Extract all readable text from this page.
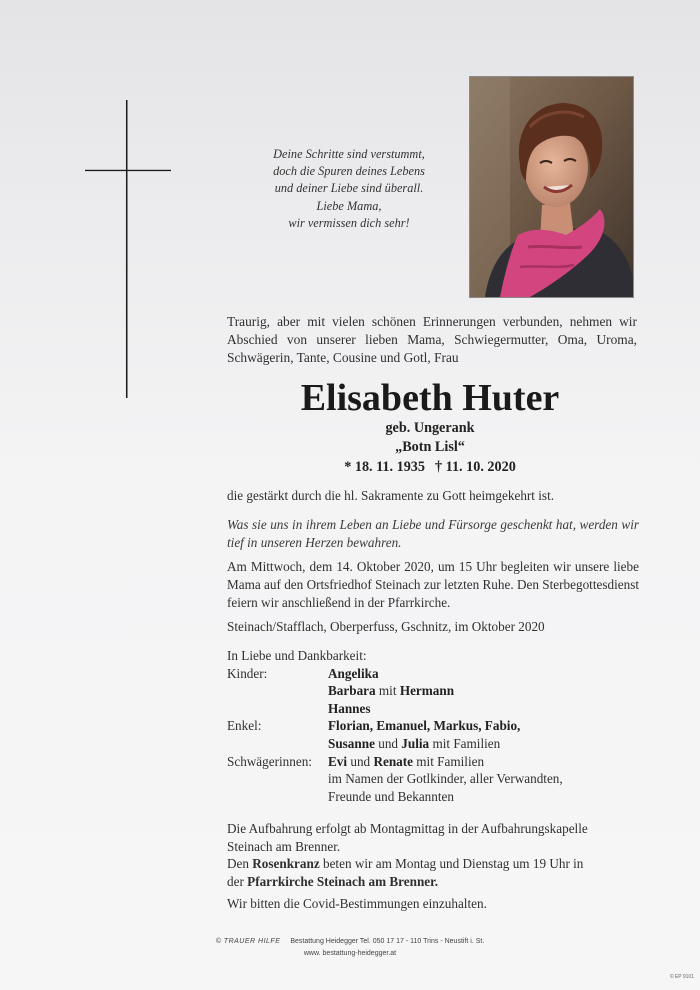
Deine Schritte sind verstummt,
doch die Spuren deines Lebens
und deiner Liebe sind überall.
Liebe Mama,
wir vermissen dich sehr!
Traurig, aber mit vielen schönen Erinnerungen verbunden, nehmen wir Abschied von unserer lieben Mama, Schwiegermutter, Oma, Uroma, Schwägerin, Tante, Cousine und Gotl, Frau
Elisabeth Huter
geb. Ungerank
„Botn Lisl“
* 18. 11. 1935 † 11. 10. 2020
die gestärkt durch die hl. Sakramente zu Gott heimgekehrt ist.
Was sie uns in ihrem Leben an Liebe und Fürsorge geschenkt hat, werden wir tief in unseren Herzen bewahren.
Am Mittwoch, dem 14. Oktober 2020, um 15 Uhr begleiten wir unsere liebe Mama auf den Ortsfriedhof Steinach zur letzten Ruhe. Den Sterbegottesdienst feiern wir anschließend in der Pfarrkirche.
Steinach/Stafflach, Oberperfuss, Gschnitz, im Oktober 2020
In Liebe und Dankbarkeit:
Kinder:	Angelika
Barbara mit Hermann
Hannes
Enkel:	Florian, Emanuel, Markus, Fabio,
Susanne und Julia mit Familien
Schwägerinnen:	Evi und Renate mit Familien
im Namen der Gotlkinder, aller Verwandten,
Freunde und Bekannten
Die Aufbahrung erfolgt ab Montagmittag in der Aufbahrungskapelle
Steinach am Brenner.
Den Rosenkranz beten wir am Montag und Dienstag um 19 Uhr in
der Pfarrkirche Steinach am Brenner.
Wir bitten die Covid-Bestimmungen einzuhalten.
© TRAUER HILFE Bestattung Heidegger Tel. 050 17 17 - 110 Trins - Neustift i. St.
www. bestattung-heidegger.at
© EP 9101
